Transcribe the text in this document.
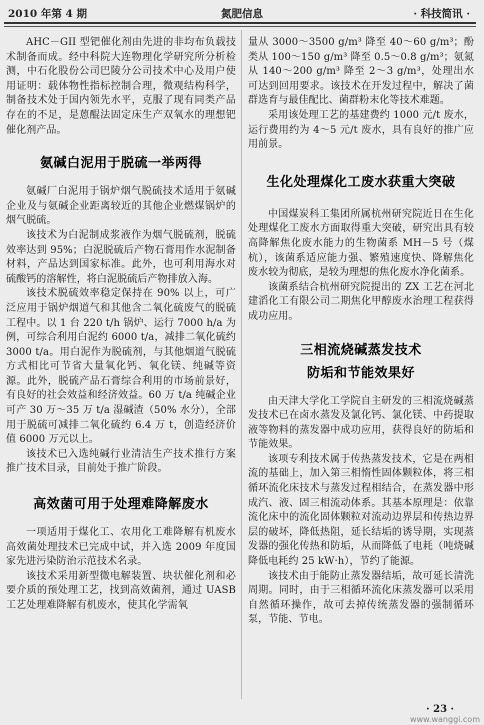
2010 年第 4 期	氮肥信息	· 科技简讯 ·

AHC－GII 型钯催化剂由先进的非均布负载技术制备而成。经中科院大连物理化学研究所分析检测，中石化股份公司巴陵分公司技术中心及用户使用证明：载体物性指标控制合理，微观结构科学，制备技术处于国内领先水平，克服了现有同类产品存在的不足，是蒽醌法固定床生产双氧水的理想钯催化剂产品。

氨碱白泥用于脱硫一举两得

氨碱厂白泥用于锅炉烟气脱硫技术适用于氨碱企业及与氨碱企业距离较近的其他企业燃煤锅炉的烟气脱硫。

该技术为白泥制成浆液作为烟气脱硫剂，脱硫效率达到 95%；白泥脱硫后产物石膏用作水泥制备材料，产品达到国家标准。此外，也可利用海水对硫酸钙的溶解性，将白泥脱硫后产物排放入海。

该技术脱硫效率稳定保持在 90% 以上，可广泛应用于锅炉烟道气和其他含二氧化硫废气的脱硫工程中。以 1 台 220 t/h 锅炉、运行 7000 h/a 为例，可综合利用白泥约 6000 t/a，减排二氧化硫约 3000 t/a。用白泥作为脱硫剂，与其他烟道气脱硫方式相比可节省大量氧化钙、氧化镁、纯碱等资源。此外，脱硫产品石膏综合利用的市场前景好，有良好的社会效益和经济效益。60 万 t/a 纯碱企业可产 30 万～35 万 t/a 湿碱渣（50% 水分），全部用于脱硫可减排二氧化硫约 6.4 万 t，创造经济价值 6000 万元以上。

该技术已入选纯碱行业清洁生产技术推行方案推广技术目录，目前处于推广阶段。

高效菌可用于处理难降解废水

一项适用于煤化工、农用化工难降解有机废水高效菌处理技术已完成中试，并入选 2009 年度国家先进污染防治示范技术名录。

该技术采用新型微电解装置、块状催化剂和必要介质的预处理工艺，找到高效菌剂，通过 UASB 工艺处理难降解有机废水，使其化学需氧

量从 3000～3500 g/m³ 降至 40～60 g/m³；酚类从 100～150 g/m³ 降至 0.5～0.8 g/m³；氨氮从 140～200 g/m³ 降至 2～3 g/m³，处理出水可达到回用要求。该技术在开发过程中，解决了菌群选育与最佳配比、菌群粉末化等技术难题。

采用该处理工艺的基建费约 1000 元/t 废水，运行费用约为 4～5 元/t 废水，具有良好的推广应用前景。

生化处理煤化工废水获重大突破

中国煤炭科工集团所属杭州研究院近日在生化处理煤化工废水方面取得重大突破，研究出具有较高降解焦化废水能力的生物菌系 MH－5 号（煤杭），该菌系适应能力强、繁殖速度快、降解焦化废水较为彻底，是较为理想的焦化废水净化菌系。

该菌系结合杭州研究院提出的 ZX 工艺在河北建滔化工有限公司二期焦化甲醇废水治理工程获得成功应用。

三相流烧碱蒸发技术
防垢和节能效果好

由天津大学化工学院自主研发的三相流烧碱蒸发技术已在卤水蒸发及氯化钙、氯化镁、中药提取液等物料的蒸发器中成功应用，获得良好的防垢和节能效果。

该项专利技术属于传热蒸发技术，它是在两相流的基础上，加入第三相惰性固体颗粒体，将三相循环流化床技术与蒸发过程相结合，在蒸发器中形成汽、液、固三相流动体系。其基本原理是：依靠流化床中的流化固体颗粒对流动边界层和传热边界层的破坏，降低热阻，延长结垢的诱导期，实现蒸发器的强化传热和防垢，从而降低了电耗（吨烧碱降低电耗约 25 kW·h），节约了能源。

该技术由于能防止蒸发器结垢，故可延长清洗周期。同时，由于三相循环流化床蒸发器可以采用自然循环操作，故可去掉传统蒸发器的强制循环泵，节能、节电。

· 23 ·
www.wanggi.com
